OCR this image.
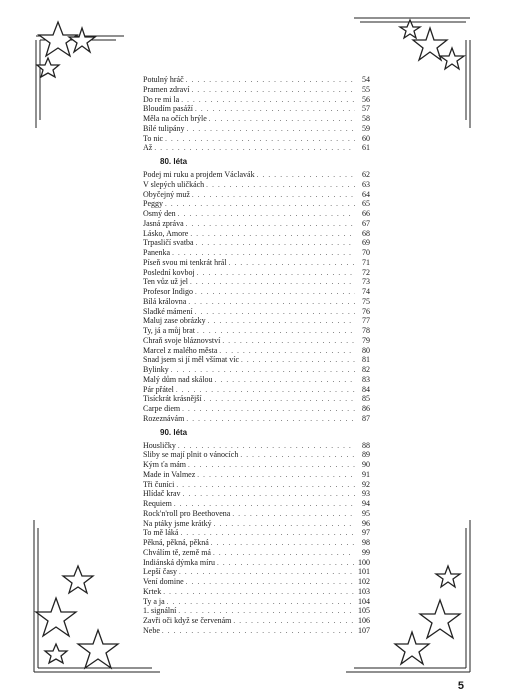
Potulný hráč . . .	54
Pramen zdraví . . .	55
Do re mi la . . .	56
Bloudím pasáží . . .	57
Měla na očích brýle . . .	58
Bílé tulipány . . .	59
To nic . . .	60
Až . . .	61
80. léta
Podej mi ruku a projdem Václavák . . .	62
V slepých uličkách . . .	63
Obyčejný muž . . .	64
Peggy . . .	65
Osmý den . . .	66
Jasná zpráva . . .	67
Lásko, Amore . . .	68
Trpasličí svatba . . .	69
Panenka . . .	70
Píseň svou mi tenkrát hrál . . .	71
Poslední kovboj . . .	72
Ten vůz už jel . . .	73
Profesor Indigo . . .	74
Bílá královna . . .	75
Sladké mámení . . .	76
Maluj zase obrázky . . .	77
Ty, já a můj brat . . .	78
Chraň svoje bláznovství . . .	79
Marcel z malého města . . .	80
Snad jsem si jí měl všímat víc . . .	81
Bylinky . . .	82
Malý dům nad skálou . . .	83
Pár přátel . . .	84
Tisíckrát krásnější . . .	85
Carpe diem . . .	86
Rozeznávám . . .	87
90. léta
Housličky . . .	88
Sliby se mají plnit o vánocích . . .	89
Kým ťa mám . . .	90
Made in Valmez . . .	91
Tři čuníci . . .	92
Hlídač krav . . .	93
Requiem . . .	94
Rock'n'roll pro Beethovena . . .	95
Na ptáky jsme krátký . . .	96
To mě láká . . .	97
Pěkná, pěkná, pěkná . . .	98
Chválím tě, země má . . .	99
Indiánská dýmka míru . . .	100
Lepší časy . . .	101
Vení domine . . .	102
Krtek . . .	103
Ty a ja . . .	104
1. signální . . .	105
Zavři oči když se červenám . . .	106
Nebe . . .	107
5
